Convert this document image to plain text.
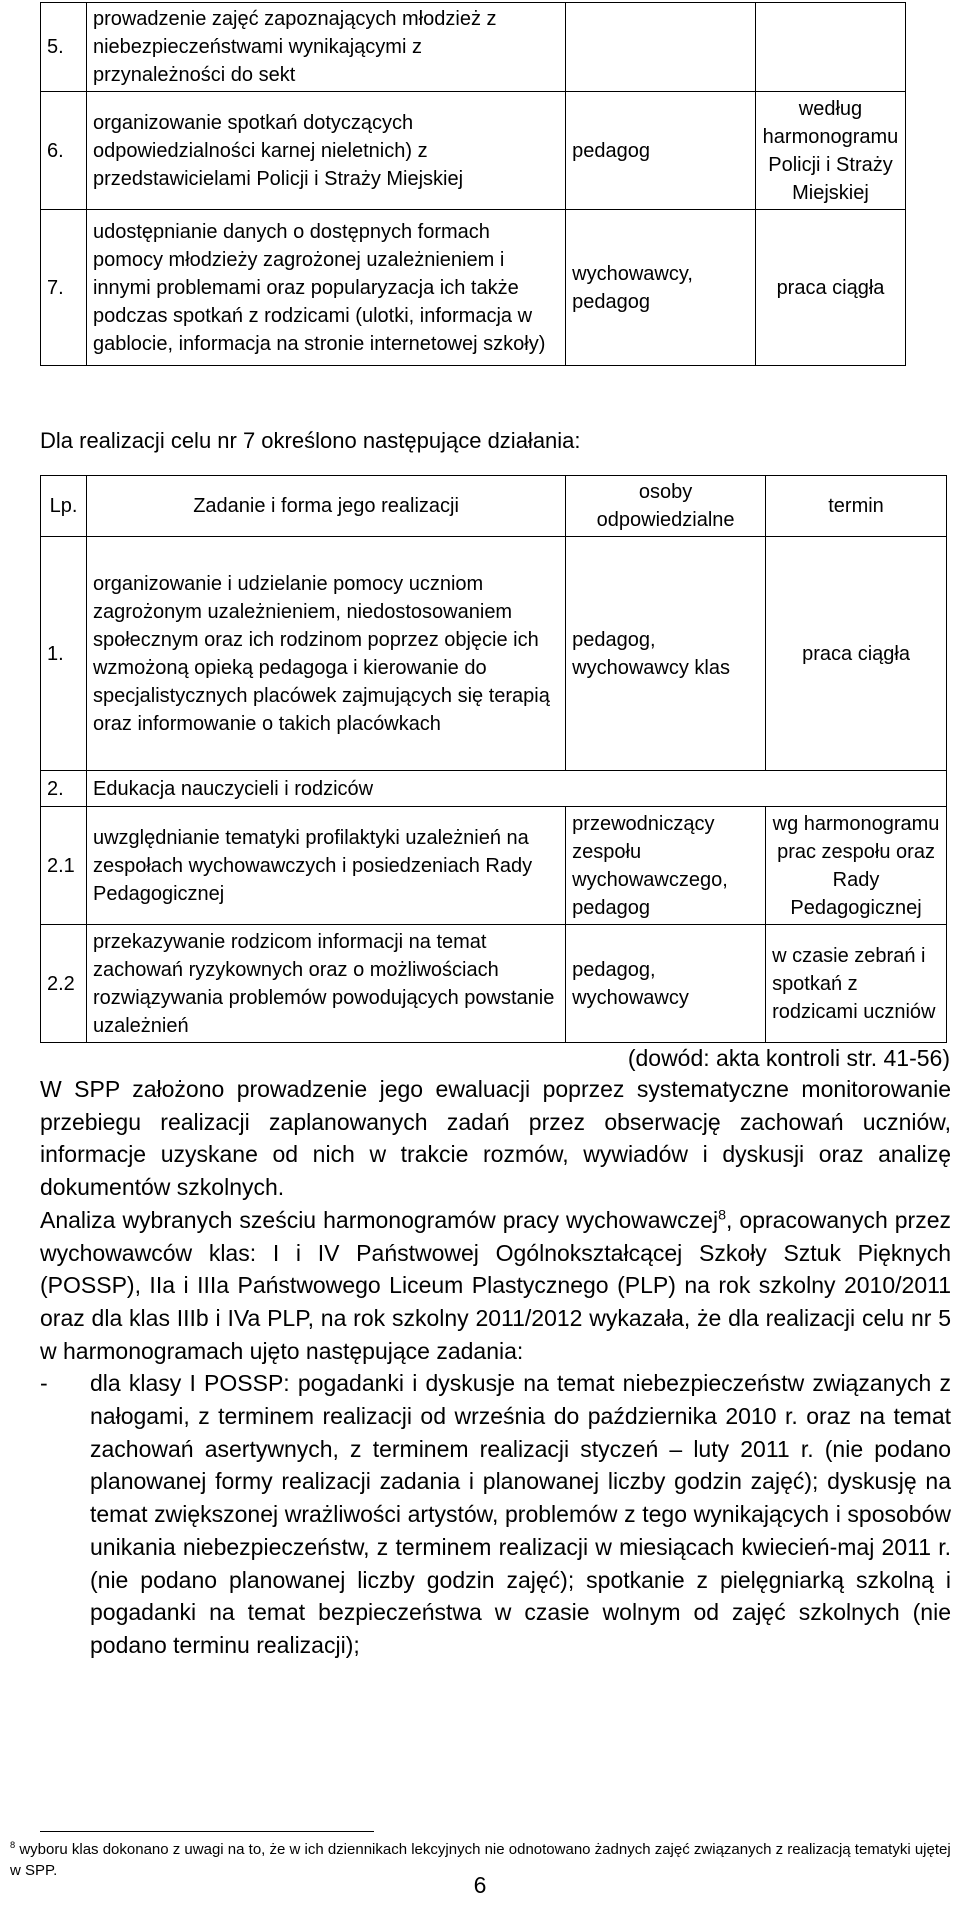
5.	prowadzenie zajęć zapoznających młodzież z niebezpieczeństwami wynikającymi z przynależności do sekt		
6.	organizowanie spotkań dotyczących odpowiedzialności karnej nieletnich) z przedstawicielami Policji i Straży Miejskiej	pedagog	według harmonogramu Policji i Straży Miejskiej
7.	udostępnianie danych o dostępnych formach pomocy młodzieży zagrożonej uzależnieniem i innymi problemami oraz popularyzacja ich także podczas spotkań z rodzicami (ulotki, informacja w gablocie, informacja na stronie internetowej szkoły)	wychowawcy, pedagog	praca ciągła
Dla realizacji celu nr 7 określono następujące działania:
Lp.	Zadanie i forma jego realizacji	osoby odpowiedzialne	termin
1.	organizowanie i udzielanie pomocy uczniom zagrożonym uzależnieniem, niedostosowaniem społecznym oraz ich rodzinom poprzez objęcie ich wzmożoną opieką pedagoga i kierowanie do specjalistycznych placówek zajmujących się terapią oraz informowanie o takich placówkach	pedagog, wychowawcy klas	praca ciągła
2.	Edukacja nauczycieli i rodziców		
2.1	uwzględnianie tematyki profilaktyki uzależnień na zespołach wychowawczych i posiedzeniach Rady Pedagogicznej	przewodniczący zespołu wychowawczego, pedagog	wg harmonogramu prac zespołu oraz Rady Pedagogicznej
2.2	przekazywanie rodzicom informacji na temat zachowań ryzykownych oraz o możliwościach rozwiązywania problemów powodujących powstanie uzależnień	pedagog, wychowawcy	w czasie zebrań i spotkań z rodzicami uczniów
(dowód: akta kontroli str. 41-56)

W SPP założono prowadzenie jego ewaluacji poprzez systematyczne monitorowanie przebiegu realizacji zaplanowanych zadań przez obserwację zachowań uczniów, informacje uzyskane od nich w trakcie rozmów, wywiadów i dyskusji oraz analizę dokumentów szkolnych.

Analiza wybranych sześciu harmonogramów pracy wychowawczej$^8$, opracowanych przez wychowawców klas: I i IV Państwowej Ogólnokształcącej Szkoły Sztuk Pięknych (POSSP), IIa i IIIa Państwowego Liceum Plastycznego (PLP) na rok szkolny 2010/2011 oraz dla klas IIIb i IVa PLP, na rok szkolny 2011/2012 wykazała, że dla realizacji celu nr 5 w harmonogramach ujęto następujące zadania:

-	dla klasy I POSSP: pogadanki i dyskusje na temat niebezpieczeństw związanych z nałogami, z terminem realizacji od września do października 2010 r. oraz na temat zachowań asertywnych, z terminem realizacji styczeń – luty 2011 r. (nie podano planowanej formy realizacji zadania i planowanej liczby godzin zajęć); dyskusję na temat zwiększonej wrażliwości artystów, problemów z tego wynikających i sposobów unikania niebezpieczeństw, z terminem realizacji w miesiącach kwiecień-maj 2011 r. (nie podano planowanej liczby godzin zajęć); spotkanie z pielęgniarką szkolną i pogadanki na temat bezpieczeństwa w czasie wolnym od zajęć szkolnych (nie podano terminu realizacji);
$^8$ wyboru klas dokonano z uwagi na to, że w ich dziennikach lekcyjnych nie odnotowano żadnych zajęć związanych z realizacją tematyki ujętej w SPP.
6
